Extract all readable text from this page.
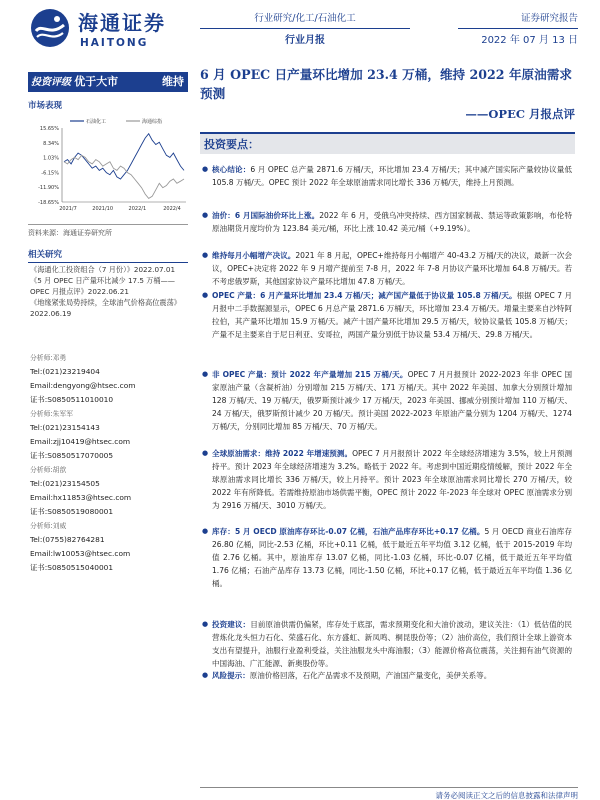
海通证券
HAITONG
行业研究/化工/石油化工
行业月报
证券研究报告
2022 年 07 月 13 日
投资评级 优于大市	维持
市场表现
石油化工	海通综指
15.65%
8.34%
1.03%
-6.15%
-11.90%
-18.65%
2021/7	2021/10	2022/1	2022/4
资料来源：海通证券研究所
相关研究
《海通化工投资组合（7 月份）》2022.07.01
《5 月 OPEC 日产量环比减少 17.5 万桶——OPEC 月报点评》2022.06.21
《地缘紧张局势持续，全球油气价格高位震荡》2022.06.19
分析师:邓勇
Tel:(021)23219404
Email:dengyong@htsec.com
证书:S0850511010010
分析师:朱军军
Tel:(021)23154143
Email:zjj10419@htsec.com
证书:S0850517070005
分析师:胡歆
Tel:(021)23154505
Email:hx11853@htsec.com
证书:S0850519080001
分析师:刘威
Tel:(0755)82764281
Email:lw10053@htsec.com
证书:S0850515040001
6 月 OPEC 日产量环比增加 23.4 万桶，维持 2022 年原油需求预测
——OPEC 月报点评
投资要点：
● 核心结论：6 月 OPEC 总产量 2871.6 万桶/天，环比增加 23.4 万桶/天；其中减产国实际产量较协议量低 105.8 万桶/天。OPEC 预计 2022 年全球原油需求同比增长 336 万桶/天，维持上月预测。
● 油价：6 月国际油价环比上涨。2022 年 6 月，受俄乌冲突持续、西方国家制裁、禁运等政策影响，布伦特原油期货月度均价为 123.84 美元/桶，环比上涨 10.42 美元/桶（+9.19%）。
● 维持每月小幅增产决议。2021 年 8 月起，OPEC+维持每月小幅增产 40-43.2 万桶/天的决议，最新一次会议，OPEC+决定将 2022 年 9 月增产提前至 7-8 月，2022 年 7-8 月协议产量环比增加 64.8 万桶/天。若不考虑俄罗斯，其他国家协议产量环比增加 47.8 万桶/天。
● OPEC 产量：6 月产量环比增加 23.4 万桶/天；减产国产量低于协议量 105.8 万桶/天。根据 OPEC 7 月月报中二手数据源显示，OPEC 6 月总产量 2871.6 万桶/天，环比增加 23.4 万桶/天。增量主要来自沙特阿拉伯，其产量环比增加 15.9 万桶/天。减产十国产量环比增加 29.5 万桶/天，较协议量低 105.8 万桶/天；产量不足主要来自于尼日利亚、安哥拉，两国产量分别低于协议量 53.4 万桶/天、29.8 万桶/天。
● 非 OPEC 产量：预计 2022 年产量增加 215 万桶/天。OPEC 7 月月报预计 2022-2023 年非 OPEC 国家原油产量（含凝析油）分别增加 215 万桶/天、171 万桶/天。其中 2022 年美国、加拿大分别预计增加 128 万桶/天、19 万桶/天，俄罗斯预计减少 17 万桶/天，2023 年美国、挪威分别预计增加 110 万桶/天、24 万桶/天，俄罗斯预计减少 20 万桶/天。预计美国 2022-2023 年原油产量分别为 1204 万桶/天、1274 万桶/天，分别同比增加 85 万桶/天、70 万桶/天。
● 全球原油需求：维持 2022 年增速预测。OPEC 7 月月报预计 2022 年全球经济增速为 3.5%，较上月预测持平。预计 2023 年全球经济增速为 3.2%。略低于 2022 年。考虑到中国近期疫情缓解，预计 2022 年全球原油需求同比增长 336 万桶/天，较上月持平。预计 2023 年全球原油需求同比增长 270 万桶/天，较 2022 年有所降低。若需维持原油市场供需平衡，OPEC 预计 2022 年-2023 年全球对 OPEC 原油需求分别为 2916 万桶/天、3010 万桶/天。
● 库存：5 月 OECD 原油库存环比-0.07 亿桶，石油产品库存环比+0.17 亿桶。5 月 OECD 商业石油库存 26.80 亿桶，同比-2.53 亿桶，环比+0.11 亿桶，低于最近五年平均值 3.12 亿桶，低于 2015-2019 年均值 2.76 亿桶。其中，原油库存 13.07 亿桶，同比-1.03 亿桶，环比-0.07 亿桶，低于最近五年平均值 1.76 亿桶；石油产品库存 13.73 亿桶，同比-1.50 亿桶，环比+0.17 亿桶，低于最近五年平均值 1.36 亿桶。
● 投资建议：目前原油供需仍偏紧，库存处于底部，需求预期变化和大油价波动，建议关注：（1）低估值的民营炼化龙头恒力石化、荣盛石化、东方盛虹、新凤鸣、桐昆股份等；（2）油价高位，我们预计全球上游资本支出有望提升，油服行业盈利受益，关注油服龙头中海油服；（3）能源价格高位震荡，关注拥有油气资源的中国海油、广汇能源、新奥股份等。
● 风险提示：原油价格回落，石化产品需求不及预期，产油国产量变化，美伊关系等。
请务必阅读正文之后的信息披露和法律声明
